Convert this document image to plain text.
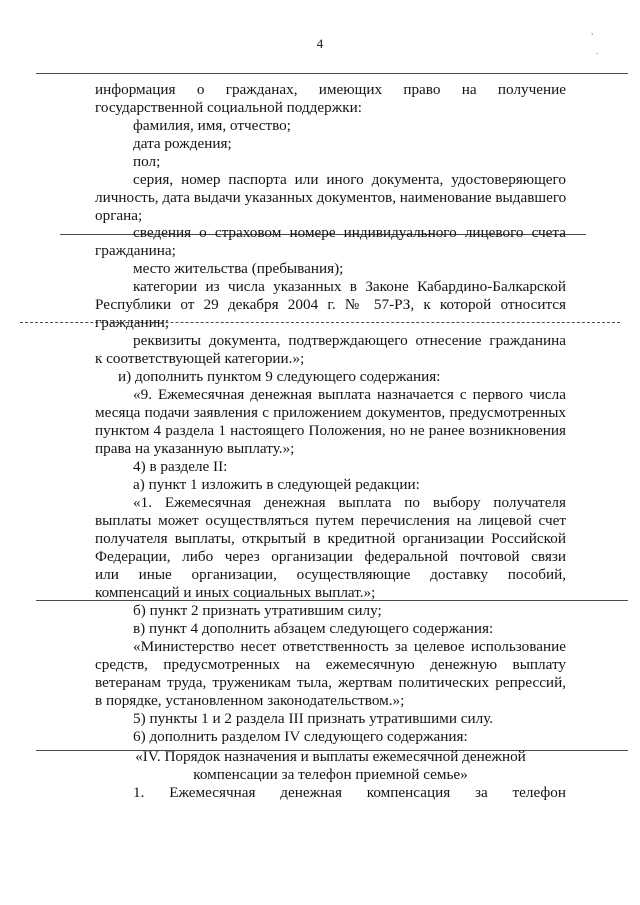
4
,
.
информация о гражданах, имеющих право на получение
государственной социальной поддержки:
фамилия, имя, отчество;
дата рождения;
пол;
серия, номер паспорта или иного документа, удостоверяющего
личность, дата выдачи указанных документов, наименование выдавшего
органа;
сведения о страховом номере индивидуального лицевого счета
гражданина;
место жительства (пребывания);
категории из числа указанных в Законе Кабардино-Балкарской
Республики от 29 декабря 2004 г. № 57-РЗ, к которой относится
гражданин;
реквизиты документа, подтверждающего отнесение гражданина
к соответствующей категории.»;
и) дополнить пунктом 9 следующего содержания:
«9. Ежемесячная денежная выплата назначается с первого числа
месяца подачи заявления с приложением документов, предусмотренных
пунктом 4 раздела 1 настоящего Положения, но не ранее возникновения
права на указанную выплату.»;
4) в разделе II:
а) пункт 1 изложить в следующей редакции:
«1. Ежемесячная денежная выплата по выбору получателя
выплаты может осуществляться путем перечисления на лицевой счет
получателя выплаты, открытый в кредитной организации Российской
Федерации, либо через организации федеральной почтовой связи
или иные организации, осуществляющие доставку пособий,
компенсаций и иных социальных выплат.»;
б) пункт 2 признать утратившим силу;
в) пункт 4 дополнить абзацем следующего содержания:
«Министерство несет ответственность за целевое использование
средств, предусмотренных на ежемесячную денежную выплату
ветеранам труда, труженикам тыла, жертвам политических репрессий,
в порядке, установленном законодательством.»;
5) пункты 1 и 2 раздела III признать утратившими силу.
6) дополнить разделом IV следующего содержания:
«IV. Порядок назначения и выплаты ежемесячной денежной
компенсации за телефон приемной семье»
1. Ежемесячная денежная компенсация за телефон
